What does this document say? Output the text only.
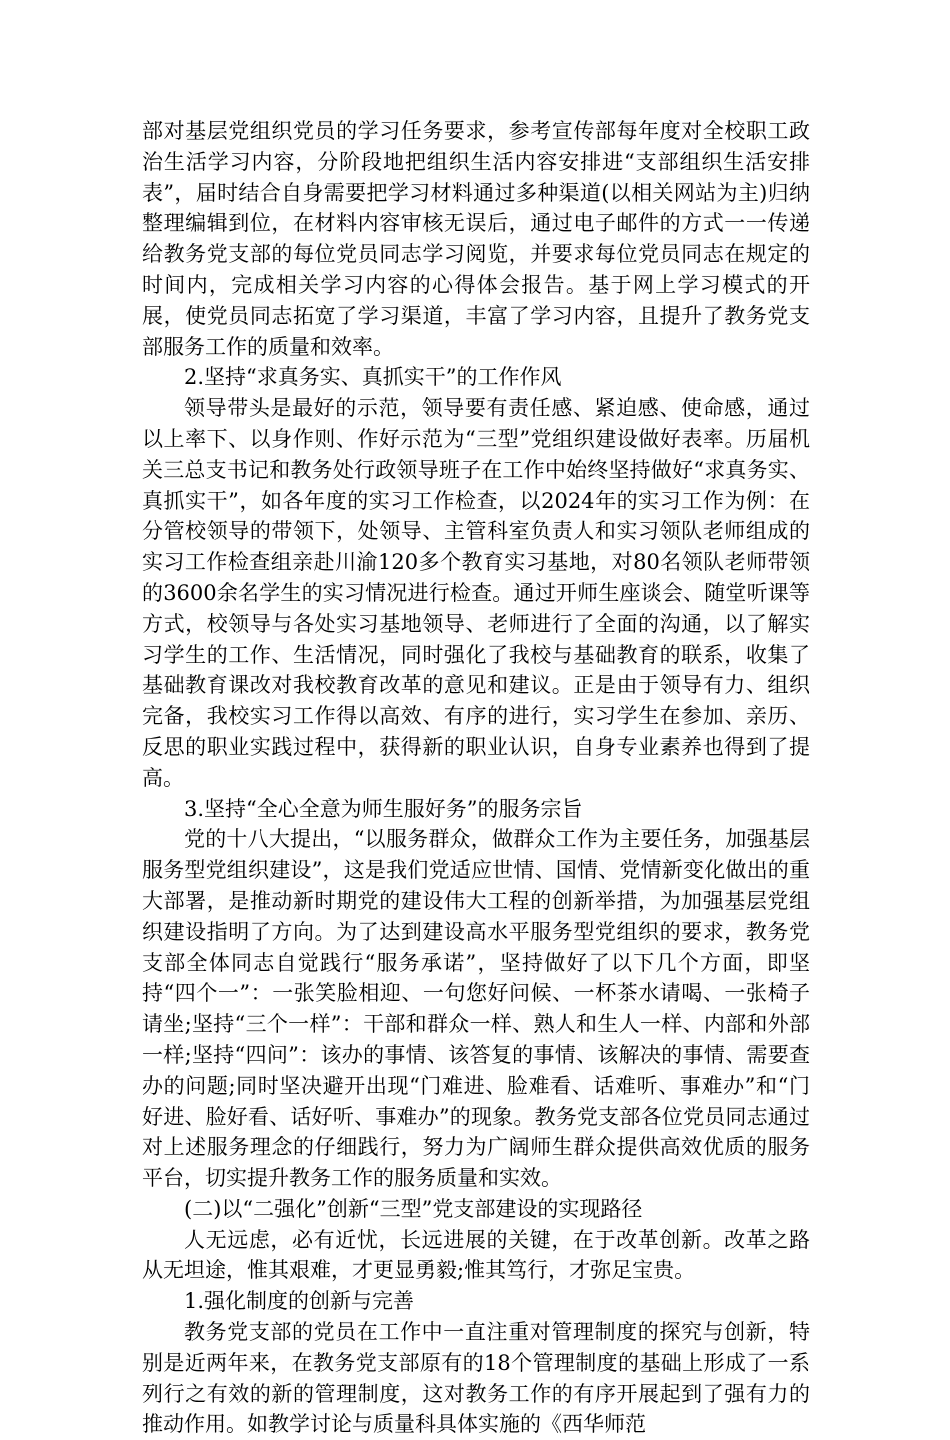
部对基层党组织党员的学习任务要求，参考宣传部每年度对全校职工政治生活学习内容，分阶段地把组织生活内容安排进“支部组织生活安排表”，届时结合自身需要把学习材料通过多种渠道(以相关网站为主)归纳整理编辑到位，在材料内容审核无误后，通过电子邮件的方式一一传递给教务党支部的每位党员同志学习阅览，并要求每位党员同志在规定的时间内，完成相关学习内容的心得体会报告。基于网上学习模式的开展，使党员同志拓宽了学习渠道，丰富了学习内容，且提升了教务党支部服务工作的质量和效率。

2.坚持“求真务实、真抓实干”的工作作风

领导带头是最好的示范，领导要有责任感、紧迫感、使命感，通过以上率下、以身作则、作好示范为“三型”党组织建设做好表率。历届机关三总支书记和教务处行政领导班子在工作中始终坚持做好“求真务实、真抓实干”，如各年度的实习工作检查，以2024年的实习工作为例：在分管校领导的带领下，处领导、主管科室负责人和实习领队老师组成的实习工作检查组亲赴川渝120多个教育实习基地，对80名领队老师带领的3600余名学生的实习情况进行检查。通过开师生座谈会、随堂听课等方式，校领导与各处实习基地领导、老师进行了全面的沟通，以了解实习学生的工作、生活情况，同时强化了我校与基础教育的联系，收集了基础教育课改对我校教育改革的意见和建议。正是由于领导有力、组织完备，我校实习工作得以高效、有序的进行，实习学生在参加、亲历、反思的职业实践过程中，获得新的职业认识，自身专业素养也得到了提高。

3.坚持“全心全意为师生服好务”的服务宗旨

党的十八大提出，“以服务群众，做群众工作为主要任务，加强基层服务型党组织建设”，这是我们党适应世情、国情、党情新变化做出的重大部署，是推动新时期党的建设伟大工程的创新举措，为加强基层党组织建设指明了方向。为了达到建设高水平服务型党组织的要求，教务党支部全体同志自觉践行“服务承诺”，坚持做好了以下几个方面，即坚持“四个一”：一张笑脸相迎、一句您好问候、一杯茶水请喝、一张椅子请坐;坚持“三个一样”：干部和群众一样、熟人和生人一样、内部和外部一样;坚持“四问”：该办的事情、该答复的事情、该解决的事情、需要查办的问题;同时坚决避开出现“门难进、脸难看、话难听、事难办”和“门好进、脸好看、话好听、事难办”的现象。教务党支部各位党员同志通过对上述服务理念的仔细践行，努力为广阔师生群众提供高效优质的服务平台，切实提升教务工作的服务质量和实效。

(二)以“二强化”创新“三型”党支部建设的实现路径

人无远虑，必有近忧，长远进展的关键，在于改革创新。改革之路从无坦途，惟其艰难，才更显勇毅;惟其笃行，才弥足宝贵。

1.强化制度的创新与完善

教务党支部的党员在工作中一直注重对管理制度的探究与创新，特别是近两年来，在教务党支部原有的18个管理制度的基础上形成了一系列行之有效的新的管理制度，这对教务工作的有序开展起到了强有力的推动作用。如教学讨论与质量科具体实施的《西华师范
